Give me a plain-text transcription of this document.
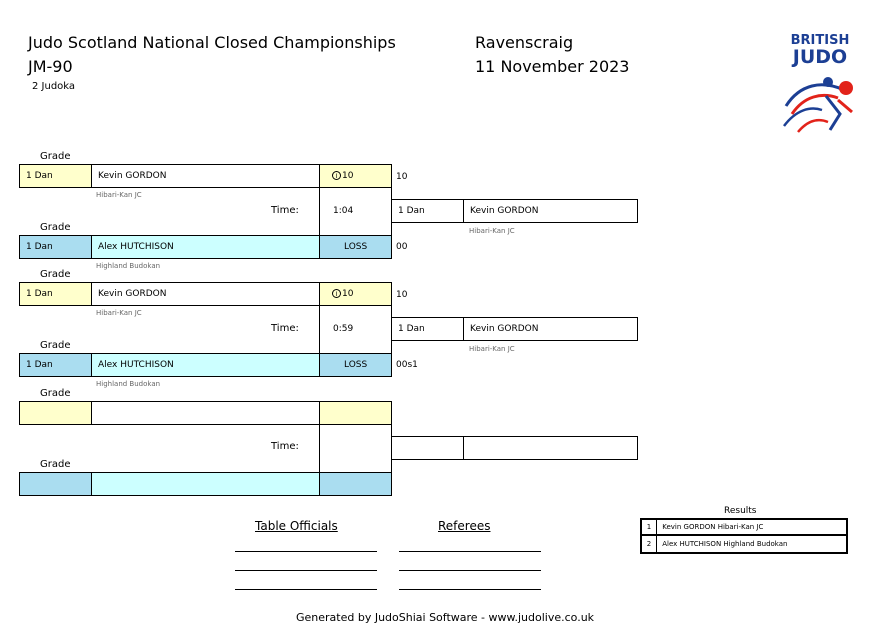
Judo Scotland National Closed Championships
JM-90
2 Judoka
Ravenscraig
11 November 2023
BRITISH
JUDO
Grade
1 Dan	Kevin GORDON	I 10	10
Hibari-Kan JC
Time:	1:04	1 Dan	Kevin GORDON
Hibari-Kan JC
Grade
1 Dan	Alex HUTCHISON	LOSS	00
Highland Budokan
Grade
1 Dan	Kevin GORDON	I 10	10
Hibari-Kan JC
Time:	0:59	1 Dan	Kevin GORDON
Hibari-Kan JC
Grade
1 Dan	Alex HUTCHISON	LOSS	00s1
Highland Budokan
Grade
Time:
Grade
Table Officials	Referees
Results
1 Kevin GORDON Hibari-Kan JC
2 Alex HUTCHISON Highland Budokan
Generated by JudoShiai Software - www.judolive.co.uk
